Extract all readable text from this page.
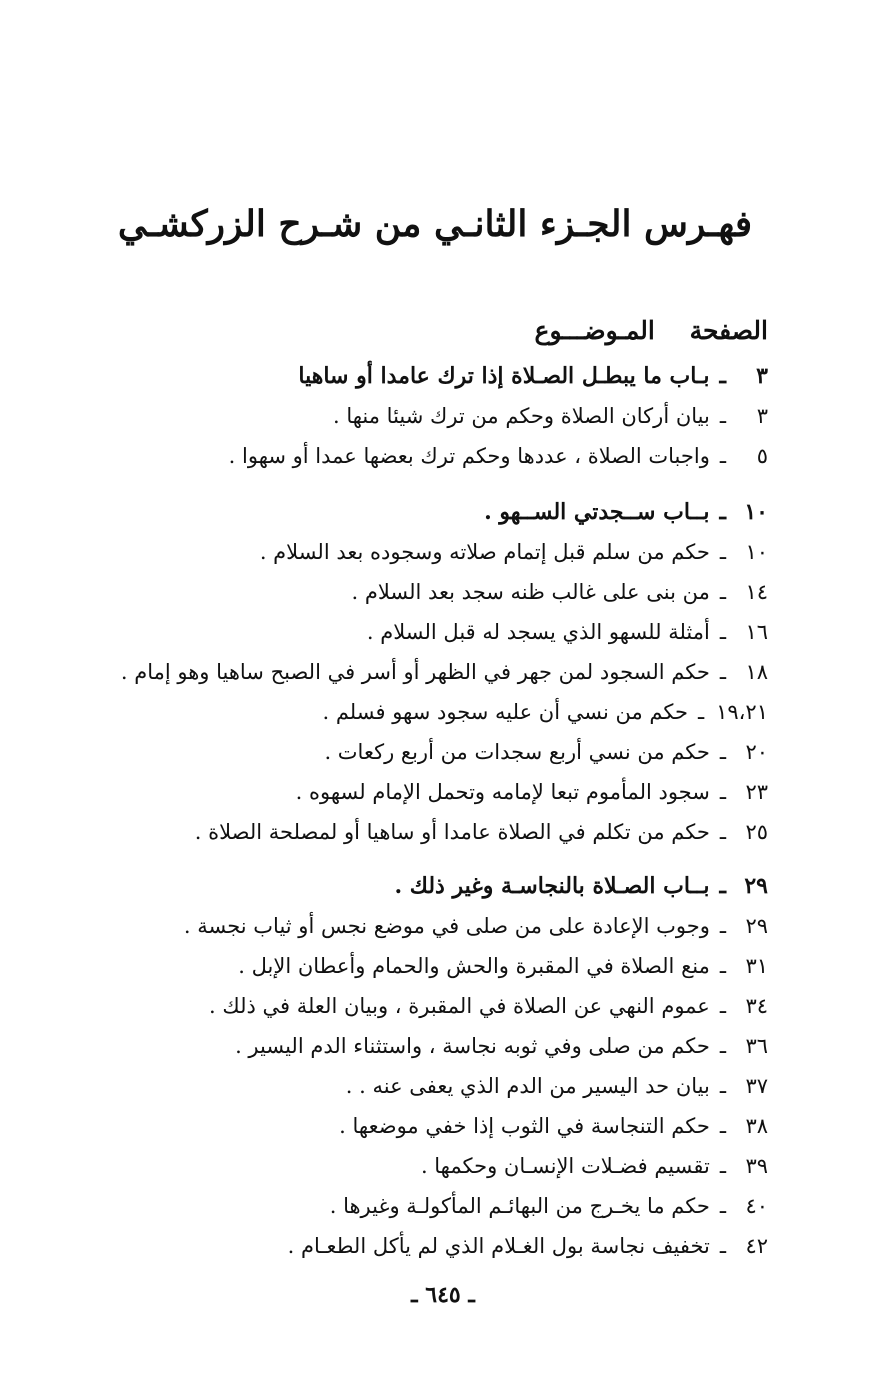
فهـرس الجـزء الثانـي من شـرح الزركشـي
الصفحة المـوضـــوع
٣ـبـاب ما يبطـل الصـلاة إذا ترك عامدا أو ساهيا
٣ـبيان أركان الصلاة وحكم من ترك شيئا منها .
٥ـواجبات الصلاة ، عددها وحكم ترك بعضها عمدا أو سهوا .
١٠ـبــاب ســجدتي الســهو .
١٠ـحكم من سلم قبل إتمام صلاته وسجوده بعد السلام .
١٤ـمن بنى على غالب ظنه سجد بعد السلام .
١٦ـأمثلة للسهو الذي يسجد له قبل السلام .
١٨ـحكم السجود لمن جهر في الظهر أو أسر في الصبح ساهيا وهو إمام .
١٩،٢١ـحكم من نسي أن عليه سجود سهو فسلم .
٢٠ـحكم من نسي أربع سجدات من أربع ركعات .
٢٣ـسجود المأموم تبعا لإمامه وتحمل الإمام لسهوه .
٢٥ـحكم من تكلم في الصلاة عامدا أو ساهيا أو لمصلحة الصلاة .
٢٩ـبــاب الصـلاة بالنجاسـة وغير ذلك .
٢٩ـوجوب الإعادة على من صلى في موضع نجس أو ثياب نجسة .
٣١ـمنع الصلاة في المقبرة والحش والحمام وأعطان الإبل .
٣٤ـعموم النهي عن الصلاة في المقبرة ، وبيان العلة في ذلك .
٣٦ـحكم من صلى وفي ثوبه نجاسة ، واستثناء الدم اليسير .
٣٧ـبيان حد اليسير من الدم الذي يعفى عنه . .
٣٨ـحكم التنجاسة في الثوب إذا خفي موضعها .
٣٩ـتقسيم فضـلات الإنسـان وحكمها .
٤٠ـحكم ما يخـرج من البهائـم المأكولـة وغيرها .
٤٢ـتخفيف نجاسة بول الغـلام الذي لم يأكل الطعـام .
ـ ٦٤٥ ـ
